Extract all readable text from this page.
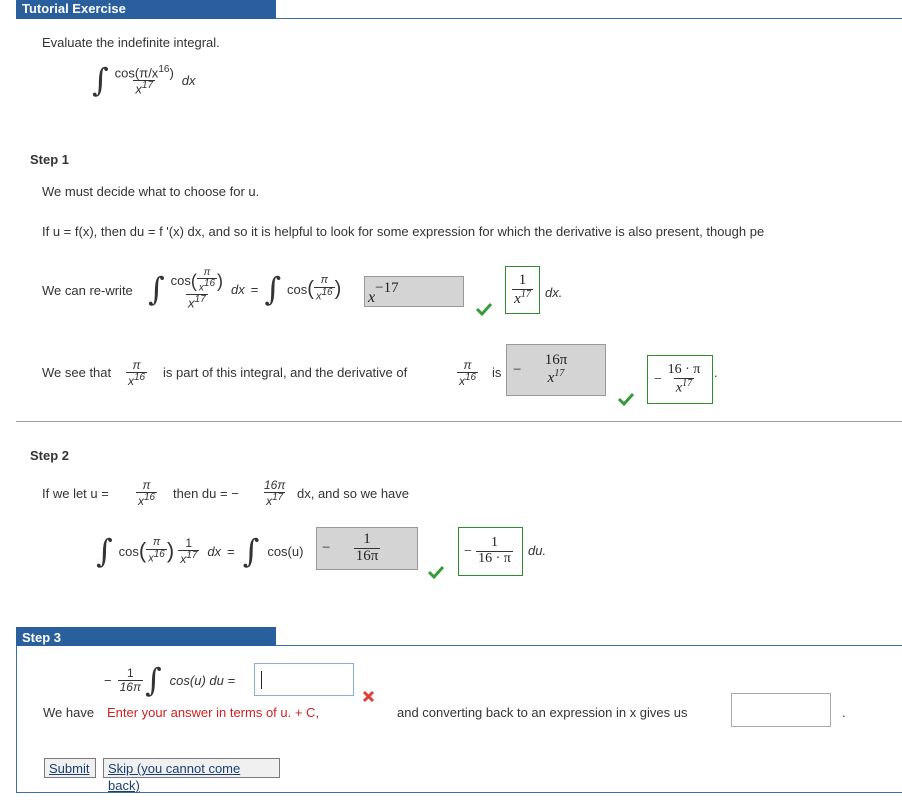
Tutorial Exercise
Evaluate the indefinite integral.
∫ $\frac{\cos(\pi/x^{16})}{x^{17}}$ dx
Step 1
We must decide what to choose for u.
If u = f(x), then du = f '(x) dx, and so it is helpful to look for some expression for which the derivative is also present, though pe
We can re-write ∫ $\frac{\cos ( \frac{\pi}{x16} )}{x^{17}}$ dx = ∫ cos ( $\frac{\pi}{x16}$ ) x−17	$\frac{1}{x^{17}}$ dx.
We see that $\frac{\pi}{x^{16}}$ is part of this integral, and the derivative of	$\frac{\pi}{x^{16}}$ is −
16π
$x^{17}$	− $\frac{16 \cdot \pi}{x^{17}}$ .
Step 2
If we let $u = \frac{\pi}{x^{16}}$ then du = − $\frac{16\pi}{x^{17}}$ dx, and so we have
∫ cos ( $\frac{\pi}{x16}$ ) $\frac{1}{x^{17}}$ dx = ∫ $\cos(u) - \frac{1}{16\pi}$	− $\frac{1}{16 \cdot \pi}$ du.
Step 3
− $\frac{1}{16\pi}$ ∫ cos(u) du =
We have Enter your answer in terms of u. + C,	and converting back to an expression in x gives us	.
Submit	Skip (you cannot come back)
